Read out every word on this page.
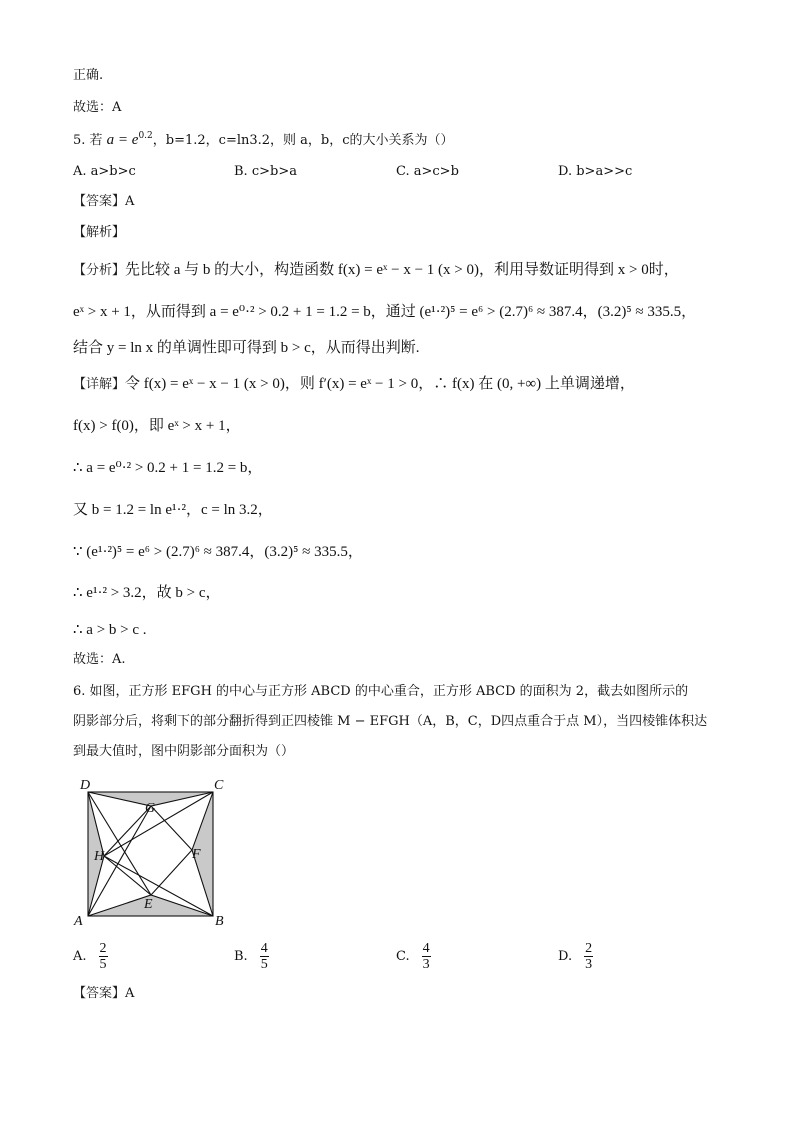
正确.
故选：A
5. 若 $a = e^{0.2}$，b=1.2，c=ln3.2，则 a，b，c的大小关系为（）
A. a>b>c	B. c>b>a	C. a>c>b	D. b>a>>c
【答案】A
【解析】
【分析】先比较 a 与 b 的大小，构造函数 f(x) = eˣ − x − 1 (x > 0)，利用导数证明得到 x > 0时，
eˣ > x + 1，从而得到 a = e⁰·² > 0.2 + 1 = 1.2 = b，通过 (e¹·²)⁵ = e⁶ > (2.7)⁶ ≈ 387.4，(3.2)⁵ ≈ 335.5，
结合 y = ln x 的单调性即可得到 b > c，从而得出判断.
【详解】令 f(x) = eˣ − x − 1 (x > 0)，则 f′(x) = eˣ − 1 > 0，∴ f(x) 在 (0, +∞) 上单调递增，
f(x) > f(0)，即 eˣ > x + 1，
∴ a = e⁰·² > 0.2 + 1 = 1.2 = b，
又 b = 1.2 = ln e¹·²，c = ln 3.2，
∵ (e¹·²)⁵ = e⁶ > (2.7)⁶ ≈ 387.4，(3.2)⁵ ≈ 335.5，
∴ e¹·² > 3.2，故 b > c，
∴ a > b > c .
故选：A.
6. 如图，正方形 EFGH 的中心与正方形 ABCD 的中心重合，正方形 ABCD 的面积为 2，截去如图所示的
阴影部分后，将剩下的部分翻折得到正四棱锥 M − EFGH（A，B，C，D四点重合于点 M），当四棱锥体积达
到最大值时，图中阴影部分面积为（）
D	C
G
H	F
E
A	B
A. $\frac{2}{5}$	B. $\frac{4}{5}$	C. $\frac{4}{3}$	D. $\frac{2}{3}$
【答案】A
